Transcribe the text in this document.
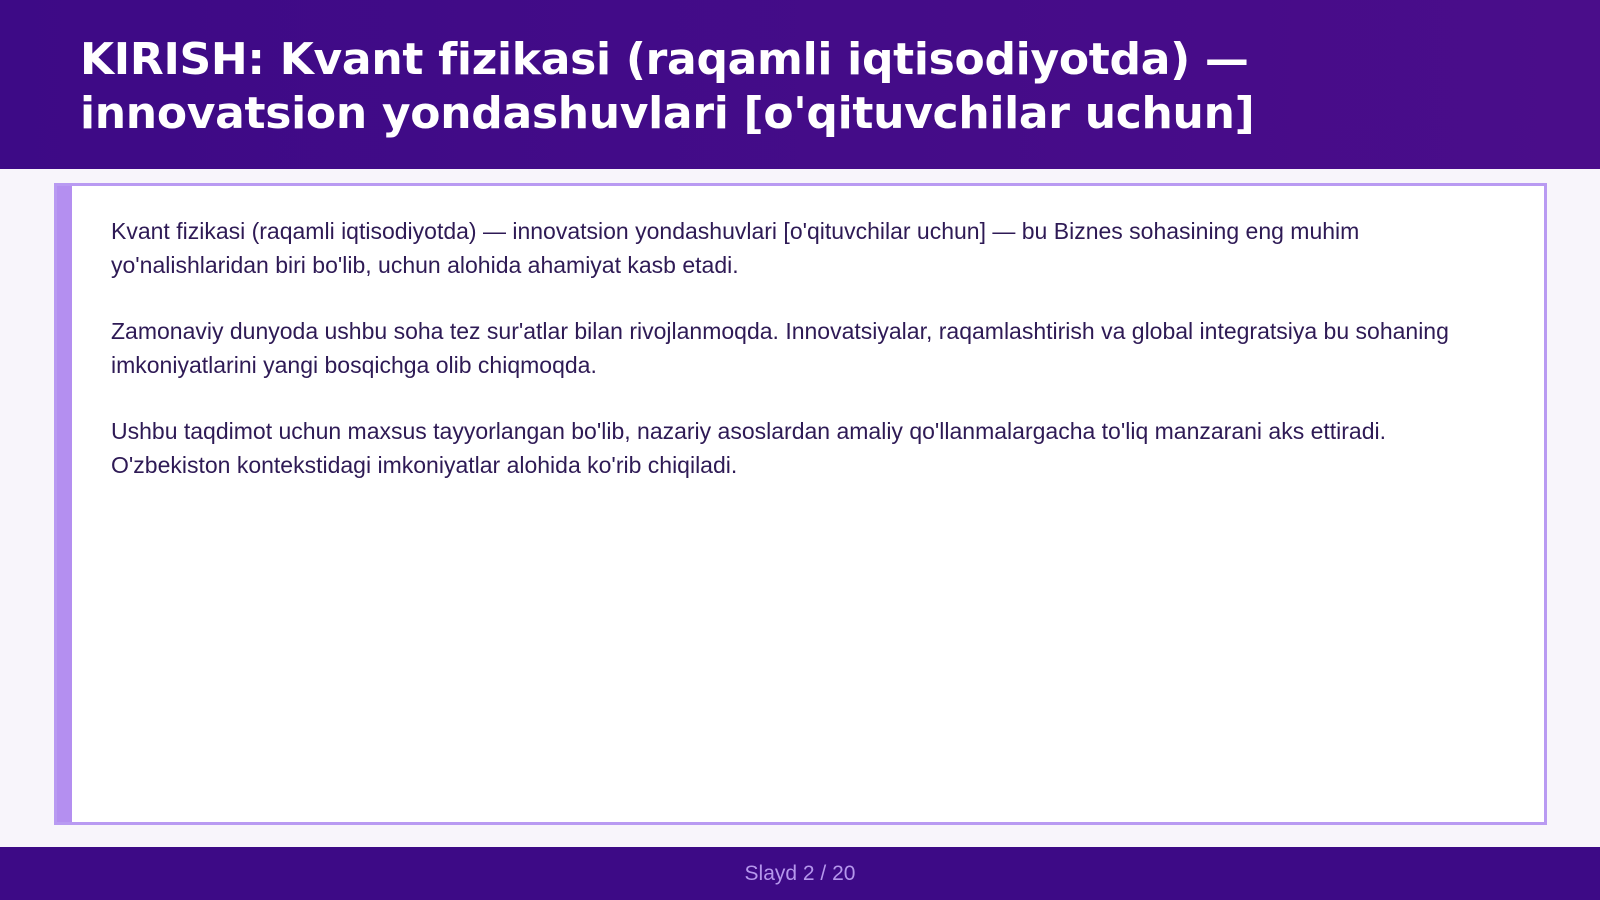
KIRISH: Kvant fizikasi (raqamli iqtisodiyotda) — innovatsion yondashuvlari [o'qituvchilar uchun]

Kvant fizikasi (raqamli iqtisodiyotda) — innovatsion yondashuvlari [o'qituvchilar uchun] — bu Biznes sohasining eng muhim yo'nalishlaridan biri bo'lib, uchun alohida ahamiyat kasb etadi.

Zamonaviy dunyoda ushbu soha tez sur'atlar bilan rivojlanmoqda. Innovatsiyalar, raqamlashtirish va global integratsiya bu sohaning imkoniyatlarini yangi bosqichga olib chiqmoqda.

Ushbu taqdimot uchun maxsus tayyorlangan bo'lib, nazariy asoslardan amaliy qo'llanmalargacha to'liq manzarani aks ettiradi. O'zbekiston kontekstidagi imkoniyatlar alohida ko'rib chiqiladi.

Slayd 2 / 20
